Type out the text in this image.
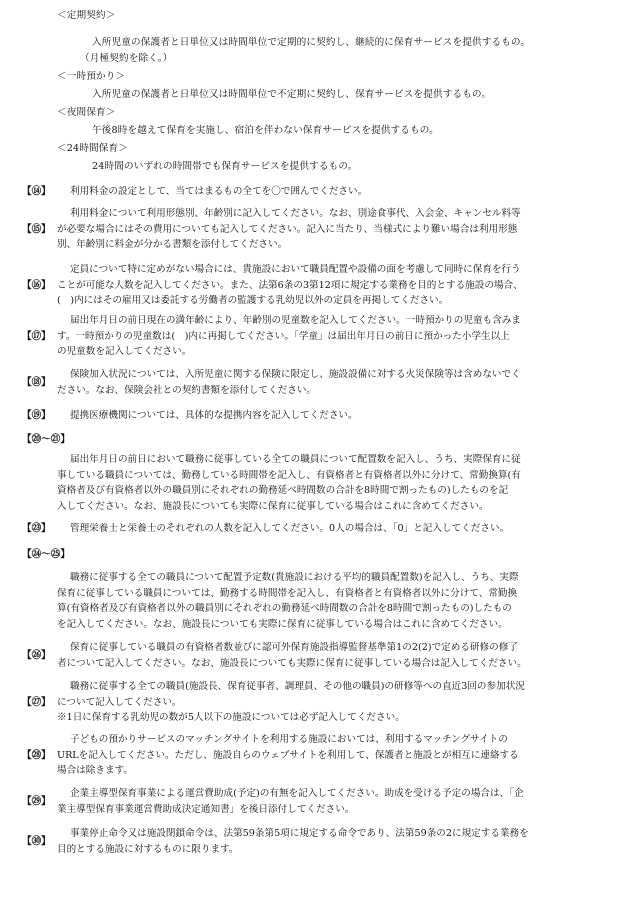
＜定期契約＞
入所児童の保護者と日単位又は時間単位で定期的に契約し、継続的に保育サービスを提供するもの。
（月極契約を除く。）
＜一時預かり＞
入所児童の保護者と日単位又は時間単位で不定期に契約し、保育サービスを提供するもの。
＜夜間保育＞
午後8時を越えて保育を実施し、宿泊を伴わない保育サービスを提供するもの。
＜24時間保育＞
24時間のいずれの時間帯でも保育サービスを提供するもの。
【⑭】	利用料金の設定として、当てはまるもの全てを〇で囲んでください。
【⑮】
利用料金について利用形態別、年齢別に記入してください。なお、別途食事代、入会金、キャンセル料等
が必要な場合にはその費用についても記入してください。記入に当たり、当様式により難い場合は利用形態
別、年齢別に料金が分かる書類を添付してください。
【⑯】
定員について特に定めがない場合には、貴施設において職員配置や設備の面を考慮して同時に保育を行う
ことが可能な人数を記入してください。また、法第6条の3第12項に規定する業務を目的とする施設の場合、
(　)内にはその雇用又は委託する労働者の監護する乳幼児以外の定員を再掲してください。
【⑰】
届出年月日の前日現在の満年齢により、年齢別の児童数を記入してください。一時預かりの児童も含みま
す。一時預かりの児童数は(　)内に再掲してください。「学童」は届出年月日の前日に預かった小学生以上
の児童数を記入してください。
【⑱】
保険加入状況については、入所児童に関する保険に限定し、施設設備に対する火災保険等は含めないでく
ださい。なお、保険会社との契約書類を添付してください。
【⑲】	提携医療機関については、具体的な提携内容を記入してください。
【⑳～㉑】
届出年月日の前日において職務に従事している全ての職員について配置数を記入し、うち、実際保育に従
事している職員については、勤務している時間帯を記入し、有資格者と有資格者以外に分けて、常勤換算(有
資格者及び有資格者以外の職員別にそれぞれの勤務延べ時間数の合計を8時間で割ったもの)したものを記
入してください。なお、施設長についても実際に保育に従事している場合はこれに含めてください。
【㉓】	管理栄養士と栄養士のそれぞれの人数を記入してください。0人の場合は、「0」と記入してください。
【㉔～㉕】
職務に従事する全ての職員について配置予定数(貴施設における平均的職員配置数)を記入し、うち、実際
保育に従事している職員については、勤務する時間帯を記入し、有資格者と有資格者以外に分けて、常勤換
算(有資格者及び有資格者以外の職員別にそれぞれの勤務延べ時間数の合計を8時間で割ったもの)したもの
を記入してください。なお、施設長についても実際に保育に従事している場合はこれに含めてください。
【㉖】
保育に従事している職員の有資格者数並びに認可外保育施設指導監督基準第1の2(2)で定める研修の修了
者について記入してください。なお、施設長についても実際に保育に従事している場合は記入してください。
【㉗】
職務に従事する全ての職員(施設長、保育従事者、調理員、その他の職員)の研修等への直近3回の参加状況
について記入してください。
※1日に保育する乳幼児の数が5人以下の施設については必ず記入してください。
【㉘】
子どもの預かりサービスのマッチングサイトを利用する施設においては、利用するマッチングサイトの
URLを記入してください。ただし、施設自らのウェブサイトを利用して、保護者と施設とが相互に連絡する
場合は除きます。
【㉙】
企業主導型保育事業による運営費助成(予定)の有無を記入してください。助成を受ける予定の場合は、「企
業主導型保育事業運営費助成決定通知書」を後日添付してください。
【㉚】
事業停止命令又は施設閉鎖命令は、法第59条第5項に規定する命令であり、法第59条の2に規定する業務を
目的とする施設に対するものに限ります。
